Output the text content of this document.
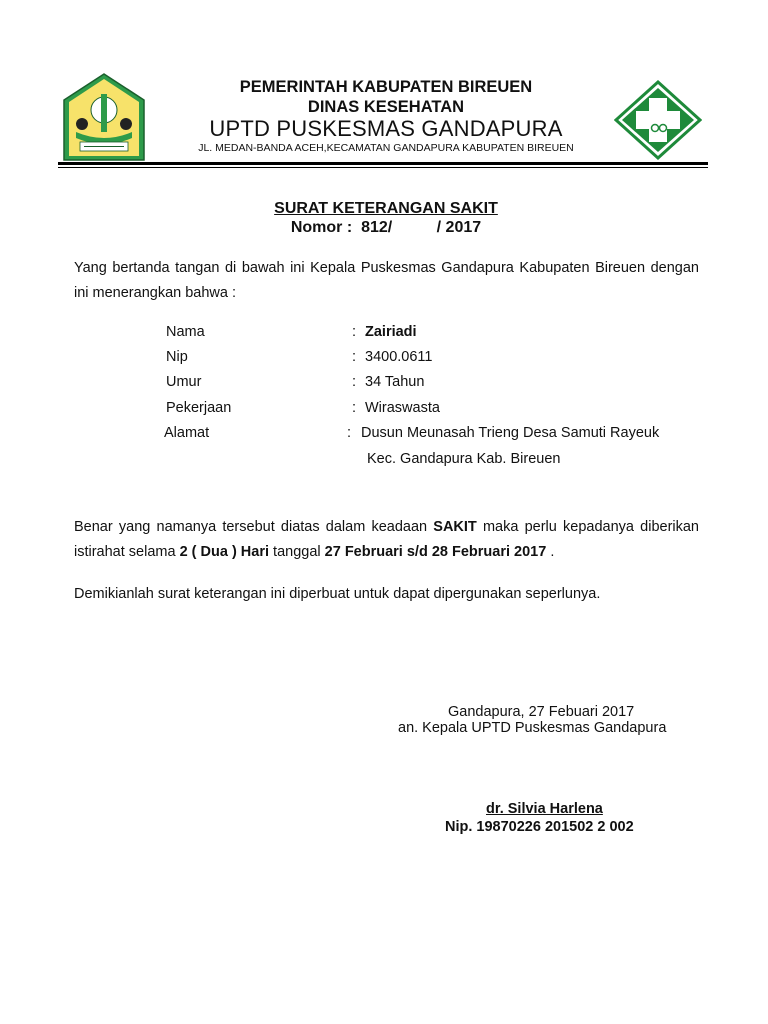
PEMERINTAH KABUPATEN BIREUEN
DINAS KESEHATAN
UPTD PUSKESMAS GANDAPURA
JL. MEDAN-BANDA ACEH,KECAMATAN GANDAPURA KABUPATEN BIREUEN
SURAT KETERANGAN SAKIT
Nomor :  812/          / 2017
Yang bertanda tangan di bawah ini Kepala Puskesmas Gandapura Kabupaten Bireuen dengan ini menerangkan bahwa :
Nama	: Zairiadi
Nip	: 3400.0611
Umur	: 34 Tahun
Pekerjaan	: Wiraswasta
Alamat	: Dusun Meunasah Trieng Desa Samuti Rayeuk
Kec. Gandapura Kab. Bireuen
Benar yang namanya tersebut diatas dalam keadaan SAKIT maka perlu kepadanya diberikan istirahat selama 2 ( Dua ) Hari tanggal 27 Februari s/d 28 Februari 2017 .
Demikianlah surat keterangan ini diperbuat untuk dapat dipergunakan seperlunya.
Gandapura, 27 Febuari 2017
an. Kepala UPTD Puskesmas Gandapura
dr. Silvia Harlena
Nip. 19870226 201502 2 002
